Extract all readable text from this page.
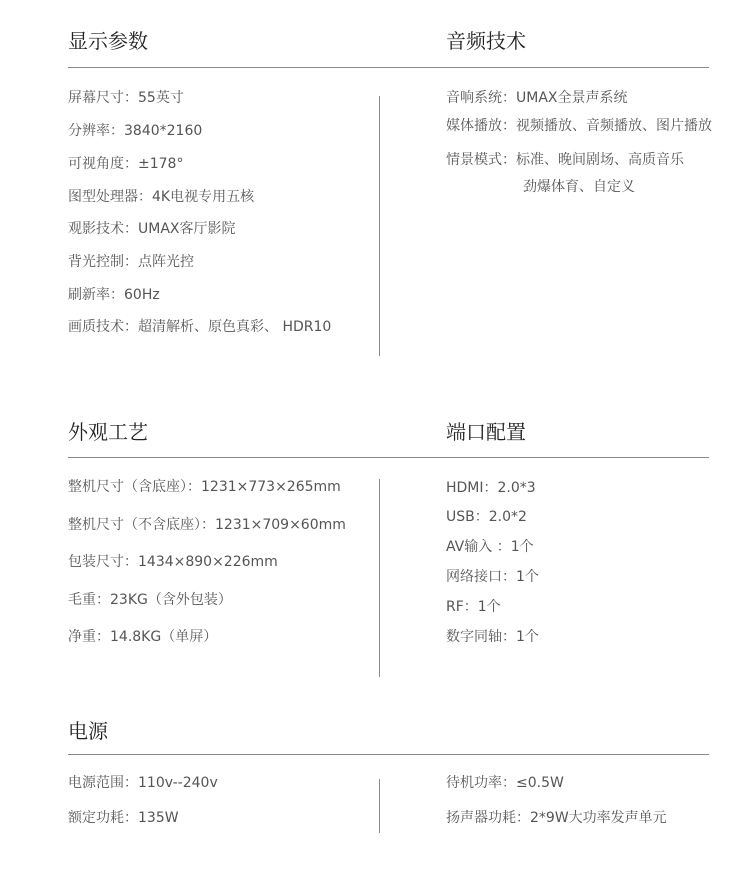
显示参数	音频技术
屏幕尺寸：55英寸
分辨率：3840*2160
可视角度：±178°
图型处理器：4K电视专用五核
观影技术：UMAX客厅影院
背光控制：点阵光控
刷新率：60Hz
画质技术：超清解析、原色真彩、 HDR10
音响系统：UMAX全景声系统
媒体播放：视频播放、音频播放、图片播放
情景模式：标准、晚间剧场、高质音乐
劲爆体育、自定义
外观工艺	端口配置
整机尺寸（含底座）：1231×773×265mm
整机尺寸（不含底座）：1231×709×60mm
包装尺寸：1434×890×226mm
毛重：23KG（含外包装）
净重：14.8KG（单屏）
HDMI：2.0*3
USB：2.0*2
AV输入 ：1个
网络接口：1个
RF：1个
数字同轴：1个
电源
电源范围：110v--240v
额定功耗：135W
待机功率：≤0.5W
扬声器功耗：2*9W大功率发声单元
